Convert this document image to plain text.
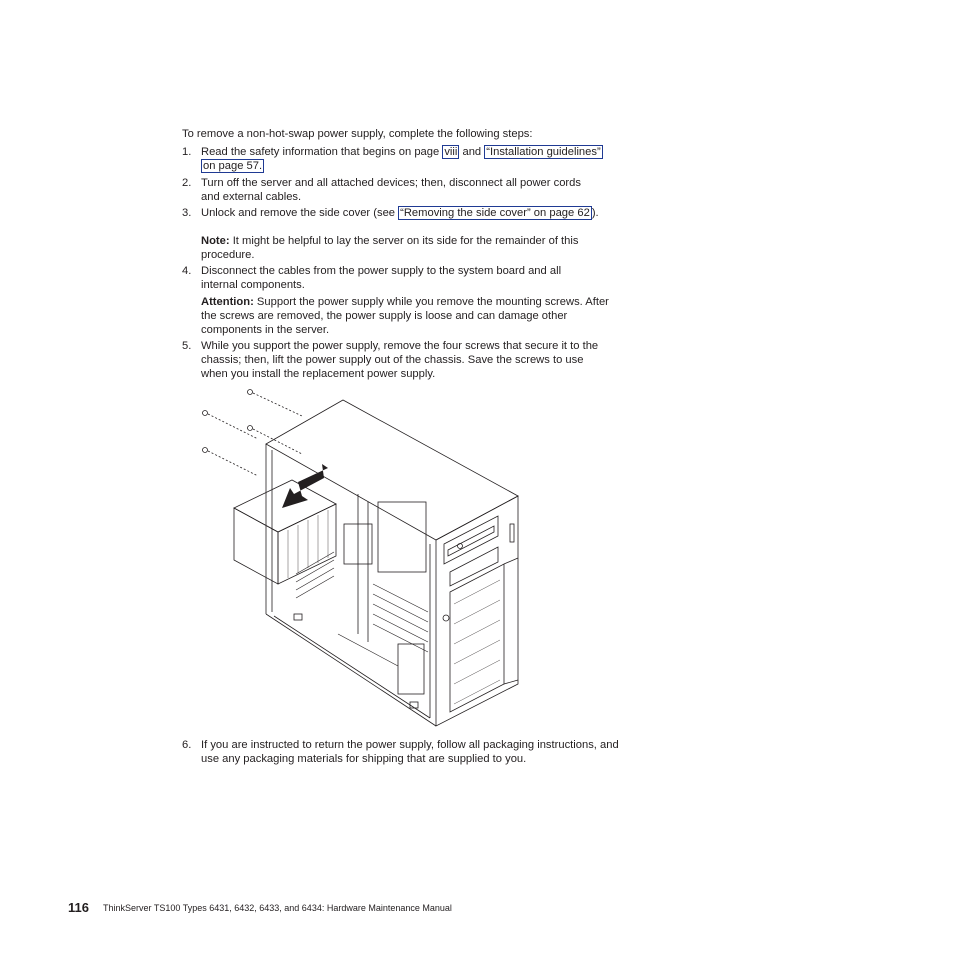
To remove a non-hot-swap power supply, complete the following steps:
1. Read the safety information that begins on page viii and “Installation guidelines”
on page 57.
2. Turn off the server and all attached devices; then, disconnect all power cords
and external cables.
3. Unlock and remove the side cover (see “Removing the side cover” on page 62 ).
Note: It might be helpful to lay the server on its side for the remainder of this procedure.
4. Disconnect the cables from the power supply to the system board and all
internal components.
Attention: Support the power supply while you remove the mounting screws. After the screws are removed, the power supply is loose and can damage other components in the server.
5. While you support the power supply, remove the four screws that secure it to the chassis; then, lift the power supply out of the chassis. Save the screws to use when you install the replacement power supply.
6. If you are instructed to return the power supply, follow all packaging instructions, and use any packaging materials for shipping that are supplied to you.
116 ThinkServer TS100 Types 6431, 6432, 6433, and 6434: Hardware Maintenance Manual
